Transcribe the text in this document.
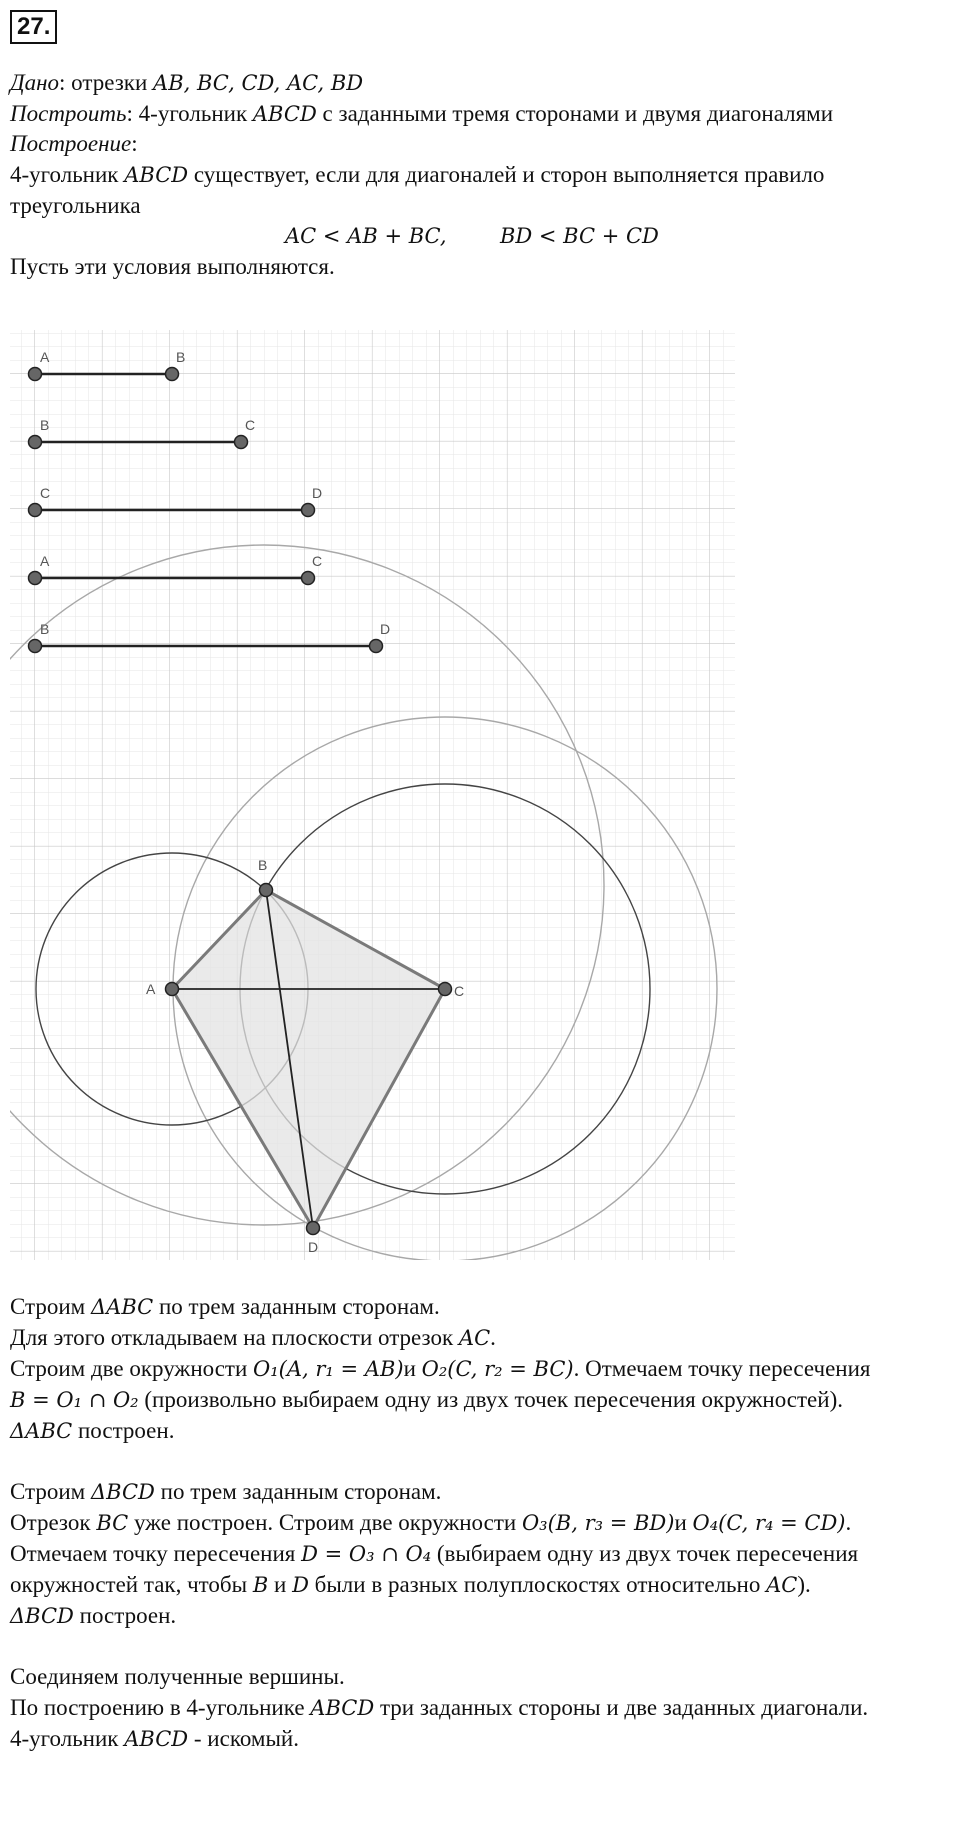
27.
Дано: отрезки AB, BC, CD, AC, BD
Построить: 4-угольник ABCD с заданными тремя сторонами и двумя диагоналями
Построение:
4-угольник ABCD существует, если для диагоналей и сторон выполняется правило
треугольника
AC < AB + BC,        BD < BC + CD
Пусть эти условия выполняются.
A	B
B	C
C	D
A	C
B	D
A
B
C
D
Строим ΔABC по трем заданным сторонам.
Для этого откладываем на плоскости отрезок AC.
Строим две окружности O₁(A, r₁ = AB)и O₂(C, r₂ = BC). Отмечаем точку пересечения
B = O₁ ∩ O₂ (произвольно выбираем одну из двух точек пересечения окружностей).
ΔABC построен.
Строим ΔBCD по трем заданным сторонам.
Отрезок BC уже построен. Строим две окружности O₃(B, r₃ = BD)и O₄(C, r₄ = CD).
Отмечаем точку пересечения D = O₃ ∩ O₄ (выбираем одну из двух точек пересечения
окружностей так, чтобы B и D были в разных полуплоскостях относительно AC).
ΔBCD построен.
Соединяем полученные вершины.
По построению в 4-угольнике ABCD три заданных стороны и две заданных диагонали.
4-угольник ABCD - искомый.
